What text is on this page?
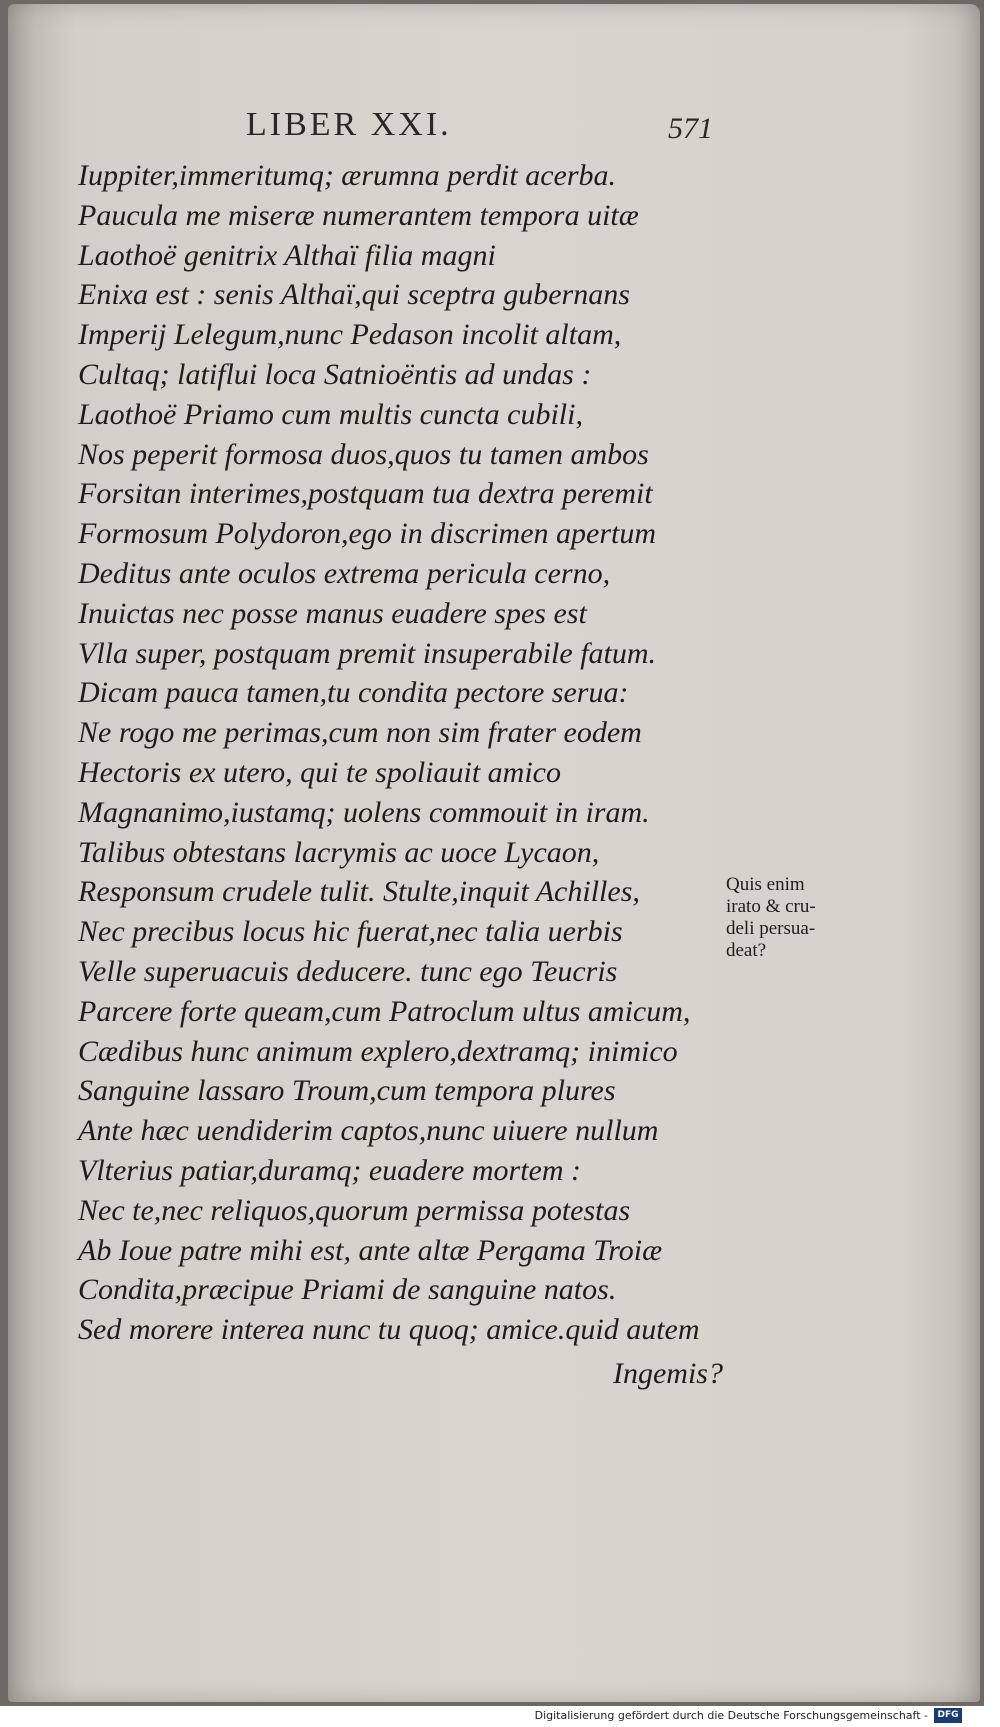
LIBER XXI.	571
Iuppiter,immeritumq; ærumna perdit acerba.
Paucula me miseræ numerantem tempora uitæ
Laothoë genitrix Althaï filia magni
Enixa est : senis Althaï,qui sceptra gubernans
Imperij Lelegum,nunc Pedason incolit altam,
Cultaq; latiflui loca Satnioëntis ad undas :
Laothoë Priamo cum multis cuncta cubili,
Nos peperit formosa duos,quos tu tamen ambos
Forsitan interimes,postquam tua dextra peremit
Formosum Polydoron,ego in discrimen apertum
Deditus ante oculos extrema pericula cerno,
Inuictas nec posse manus euadere spes est
Vlla super, postquam premit insuperabile fatum.
Dicam pauca tamen,tu condita pectore serua:
Ne rogo me perimas,cum non sim frater eodem
Hectoris ex utero, qui te spoliauit amico
Magnanimo,iustamq; uolens commouit in iram.
Talibus obtestans lacrymis ac uoce Lycaon,
Responsum crudele tulit. Stulte,inquit Achilles,
Nec precibus locus hic fuerat,nec talia uerbis
Velle superuacuis deducere. tunc ego Teucris
Parcere forte queam,cum Patroclum ultus amicum,
Cædibus hunc animum explero,dextramq; inimico
Sanguine lassaro Troum,cum tempora plures
Ante hæc uendiderim captos,nunc uiuere nullum
Vlterius patiar,duramq; euadere mortem :
Nec te,nec reliquos,quorum permissa potestas
Ab Ioue patre mihi est, ante altæ Pergama Troiæ
Condita,præcipue Priami de sanguine natos.
Sed morere interea nunc tu quoq; amice.quid autem
Ingemis?
Quis enim
irato & cru-
deli persua-
deat?
Digitalisierung gefördert durch die Deutsche Forschungsgemeinschaft -	DFG
